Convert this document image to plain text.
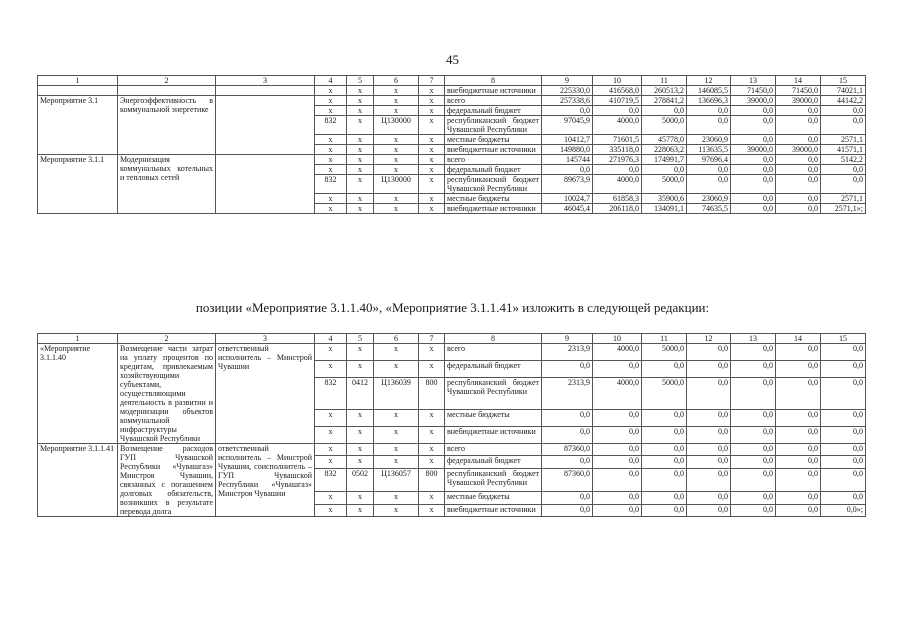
45
1	2	3	4	5	6	7	8	9	10	11	12	13	14	15
			x	x	x	x	внебюджетные источники	225330,0	416568,0	260513,2	146085,5	71450,0	71450,0	74021,1
Мероприятие 3.1	Энергоэффективность в коммунальной энергетике		x	x	x	x	всего	257338,6	410719,5	278841,2	136696,3	39000,0	39000,0	44142,2
			x	x	x	x	федеральный бюджет	0,0	0,0	0,0	0,0	0,0	0,0	0,0
			832	x	Ц130000	x	республиканский бюджет Чувашской Республики	97045,9	4000,0	5000,0	0,0	0,0	0,0	0,0
			x	x	x	x	местные бюджеты	10412,7	71601,5	45778,0	23060,9	0,0	0,0	2571,1
			x	x	x	x	внебюджетные источники	149880,0	335118,0	228063,2	113635,5	39000,0	39000,0	41571,1
Мероприятие 3.1.1	Модернизация коммунальных котельных и тепловых сетей		x	x	x	x	всего	145744	271976,3	174991,7	97696,4	0,0	0,0	5142,2
			x	x	x	x	федеральный бюджет	0,0	0,0	0,0	0,0	0,0	0,0	0,0
			832	x	Ц130000	x	республиканский бюджет Чувашской Республики	89673,9	4000,0	5000,0	0,0	0,0	0,0	0,0
			x	x	x	x	местные бюджеты	10024,7	61858,3	35900,6	23060,9	0,0	0,0	2571,1
			x	x	x	x	внебюджетные источники	46045,4	206118,0	134091,1	74635,5	0,0	0,0	2571,1»;
позиции «Мероприятие 3.1.1.40», «Мероприятие 3.1.1.41» изложить в следующей редакции:
1	2	3	4	5	6	7	8	9	10	11	12	13	14	15
«Мероприятие 3.1.1.40	Возмещение части затрат на уплату процентов по кредитам, привлекаемым хозяйствующими субъектами, осуществляющими деятельность в развитии и модернизации объектов коммунальной инфраструктуры Чувашской Республики	ответственный исполнитель – Минстрой Чувашии	x	x	x	x	всего	2313,9	4000,0	5000,0	0,0	0,0	0,0	0,0
			x	x	x	x	федеральный бюджет	0,0	0,0	0,0	0,0	0,0	0,0	0,0
			832	0412	Ц136039	800	республиканский бюджет Чувашской Республики	2313,9	4000,0	5000,0	0,0	0,0	0,0	0,0
			x	x	x	x	местные бюджеты	0,0	0,0	0,0	0,0	0,0	0,0	0,0
			x	x	x	x	внебюджетные источники	0,0	0,0	0,0	0,0	0,0	0,0	0,0
Мероприятие 3.1.1.41	Возмещение расходов ГУП Чувашской Республики «Чувашгаз» Минстроя Чувашии, связанных с погашением долговых обязательств, возникших в результате перевода долга	ответственный исполнитель – Минстрой Чувашии, соисполнитель – ГУП Чувашской Республики «Чувашгаз» Минстроя Чувашии	x	x	x	x	всего	87360,0	0,0	0,0	0,0	0,0	0,0	0,0
			x	x	x	x	федеральный бюджет	0,0	0,0	0,0	0,0	0,0	0,0	0,0
			832	0502	Ц136057	800	республиканский бюджет Чувашской Республики	87360,0	0,0	0,0	0,0	0,0	0,0	0,0
			x	x	x	x	местные бюджеты	0,0	0,0	0,0	0,0	0,0	0,0	0,0
			x	x	x	x	внебюджетные источники	0,0	0,0	0,0	0,0	0,0	0,0	0,0»;
